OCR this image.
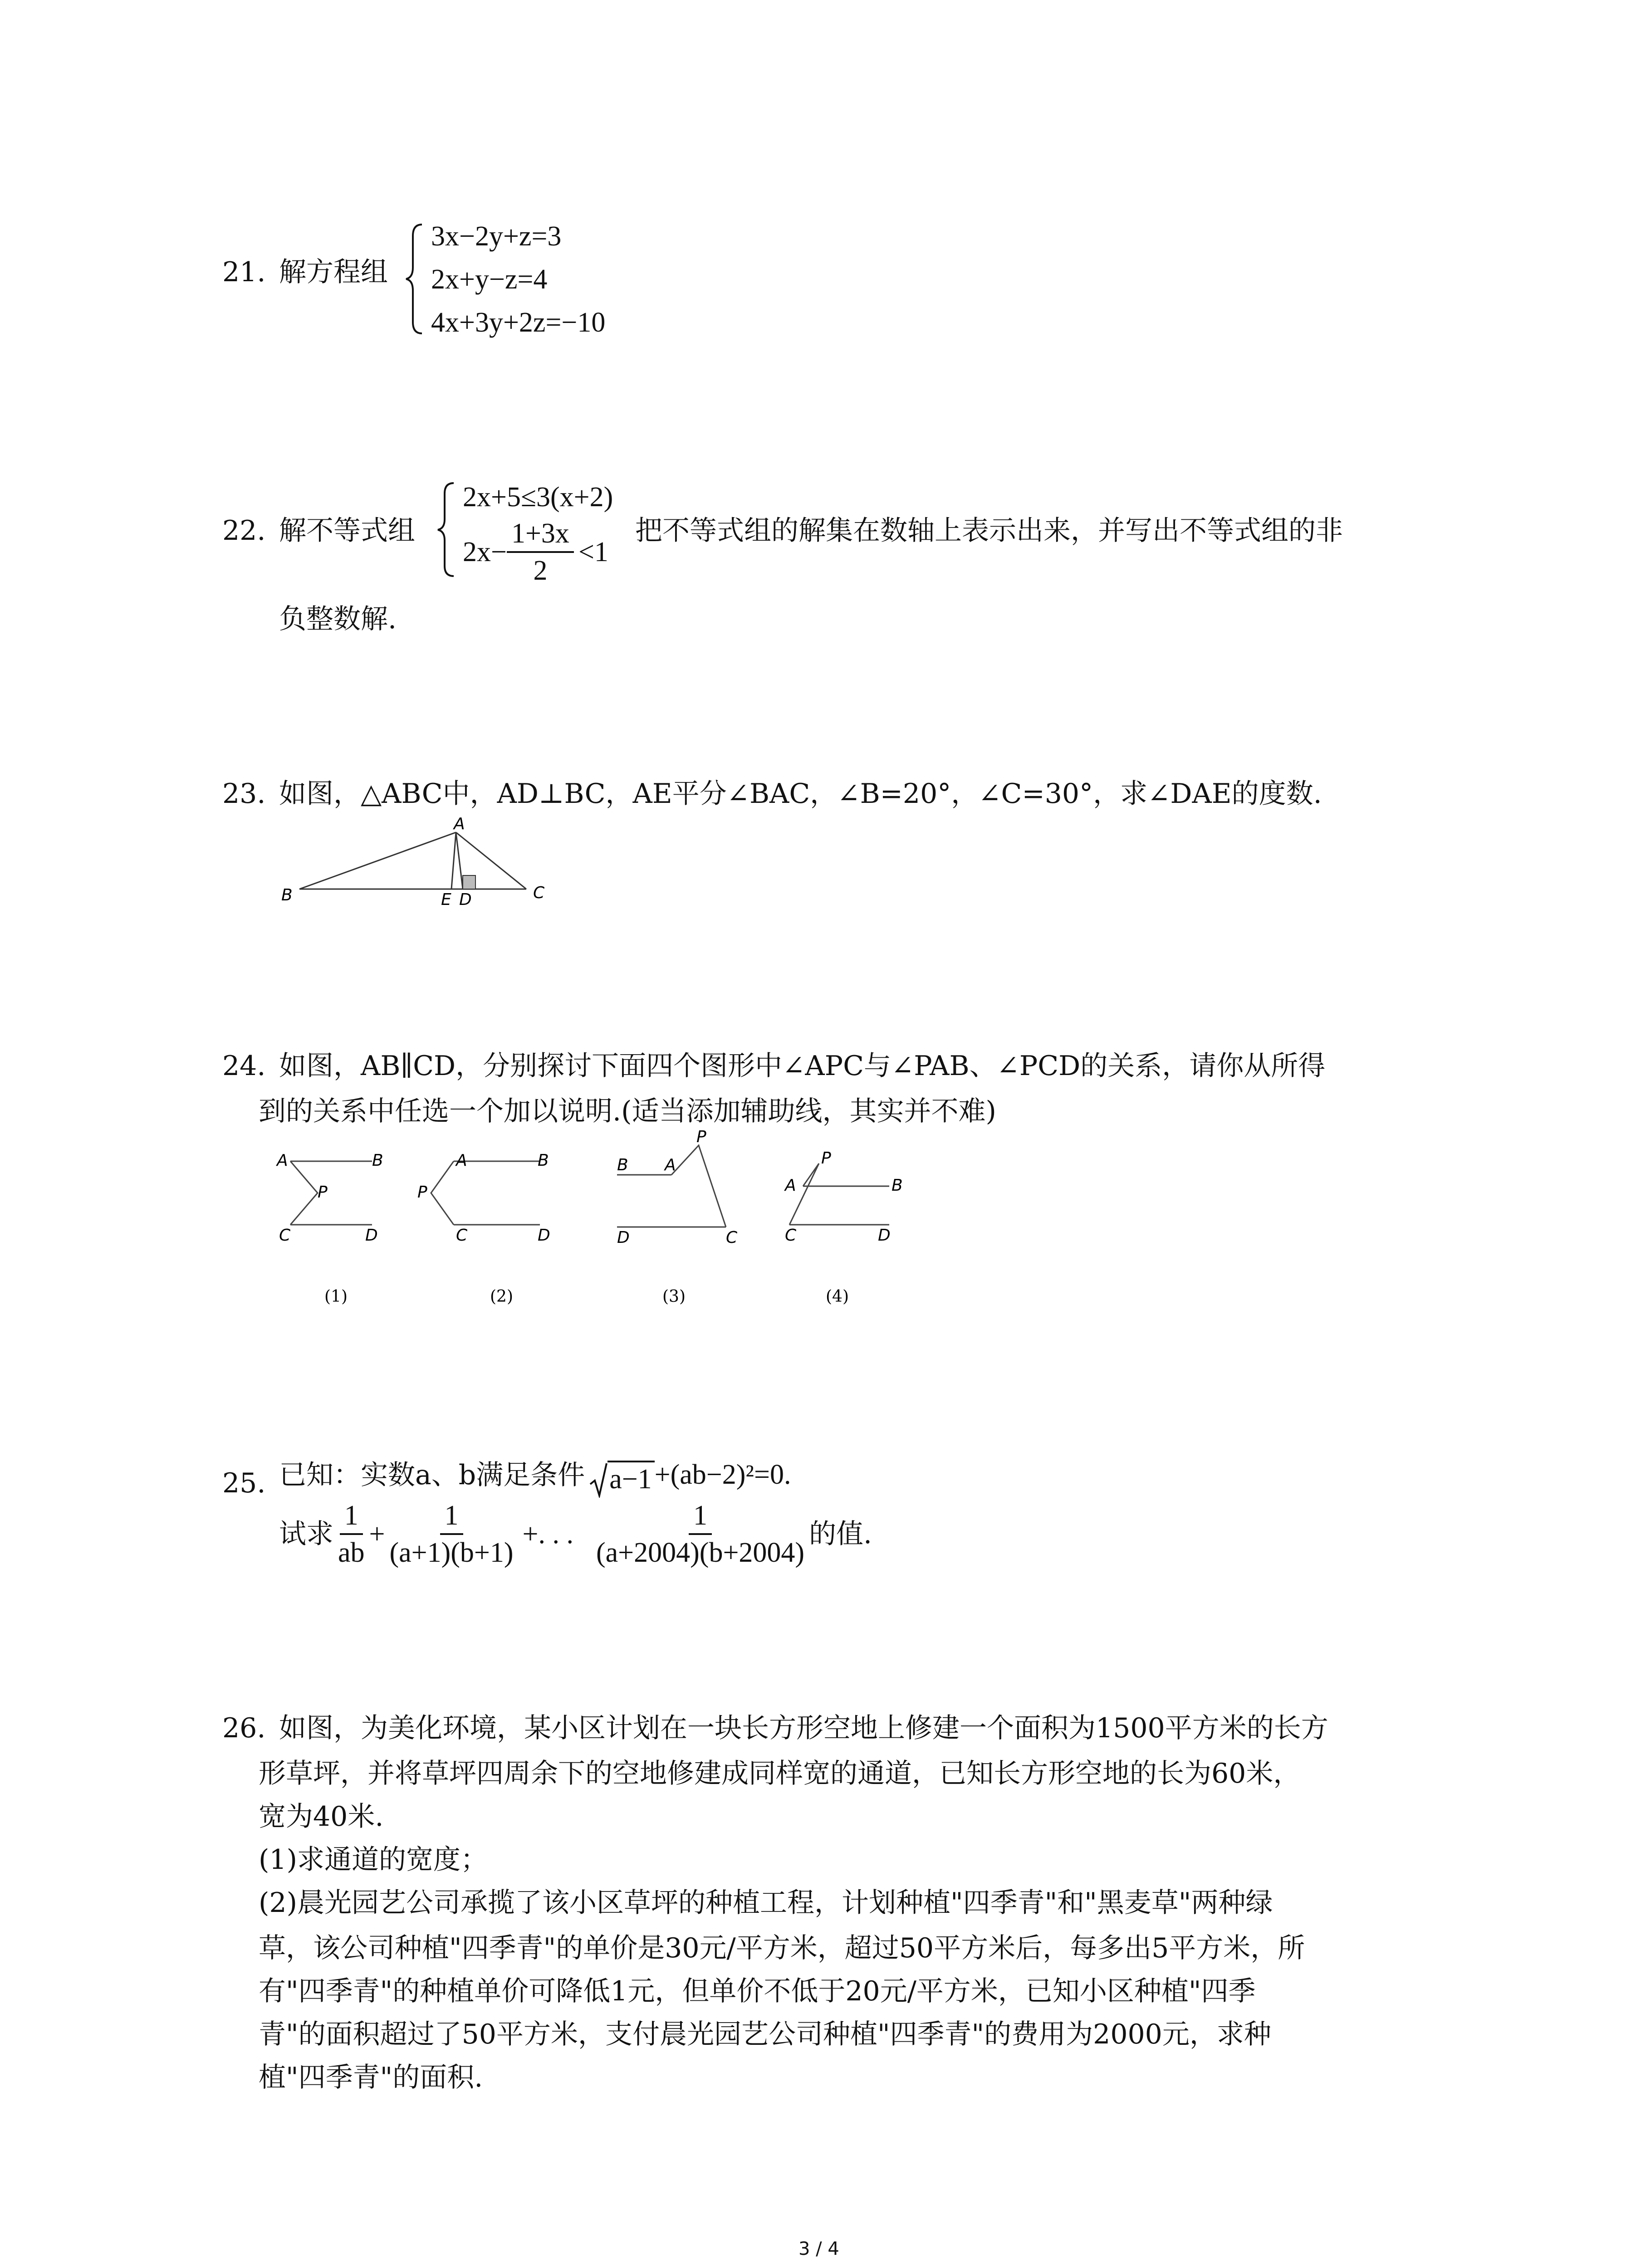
21. 解方程组
3x−2y+z=3
2x+y−z=4
4x+3y+2z=−10
22. 解不等式组
2x+5≤3(x+2)
$2x- \frac{1+3x}{2} <1$
把不等式组的解集在数轴上表示出来，并写出不等式组的非
负整数解.
23. 如图，△ABC中，AD⊥BC，AE平分∠BAC，∠B=20°，∠C=30°，求∠DAE的度数.
A
B	C
E D
24. 如图，AB∥CD，分别探讨下面四个图形中∠APC与∠PAB、∠PCD的关系，请你从所得
到的关系中任选一个加以说明.(适当添加辅助线，其实并不难)
A	B
P
C	D
A	B
P
C	D
B A
P
D	C
A
P
B
C	D
(1)	(2)	(3)	(4)
25. 已知：实数a、b满足条件 a−1 +(ab−2)²=0.
试求 $\frac{1}{ab} + \frac{1}{(a+1)(b+1)}$ +. . . $\frac{1}{(a+2004)(b+2004)}$ 的值.
26. 如图，为美化环境，某小区计划在一块长方形空地上修建一个面积为1500平方米的长方
形草坪，并将草坪四周余下的空地修建成同样宽的通道，已知长方形空地的长为60米，
宽为40米.
(1)求通道的宽度；
(2)晨光园艺公司承揽了该小区草坪的种植工程，计划种植"四季青"和"黑麦草"两种绿
草，该公司种植"四季青"的单价是30元/平方米，超过50平方米后，每多出5平方米，所
有"四季青"的种植单价可降低1元，但单价不低于20元/平方米，已知小区种植"四季
青"的面积超过了50平方米，支付晨光园艺公司种植"四季青"的费用为2000元，求种
植"四季青"的面积.
3 / 4
